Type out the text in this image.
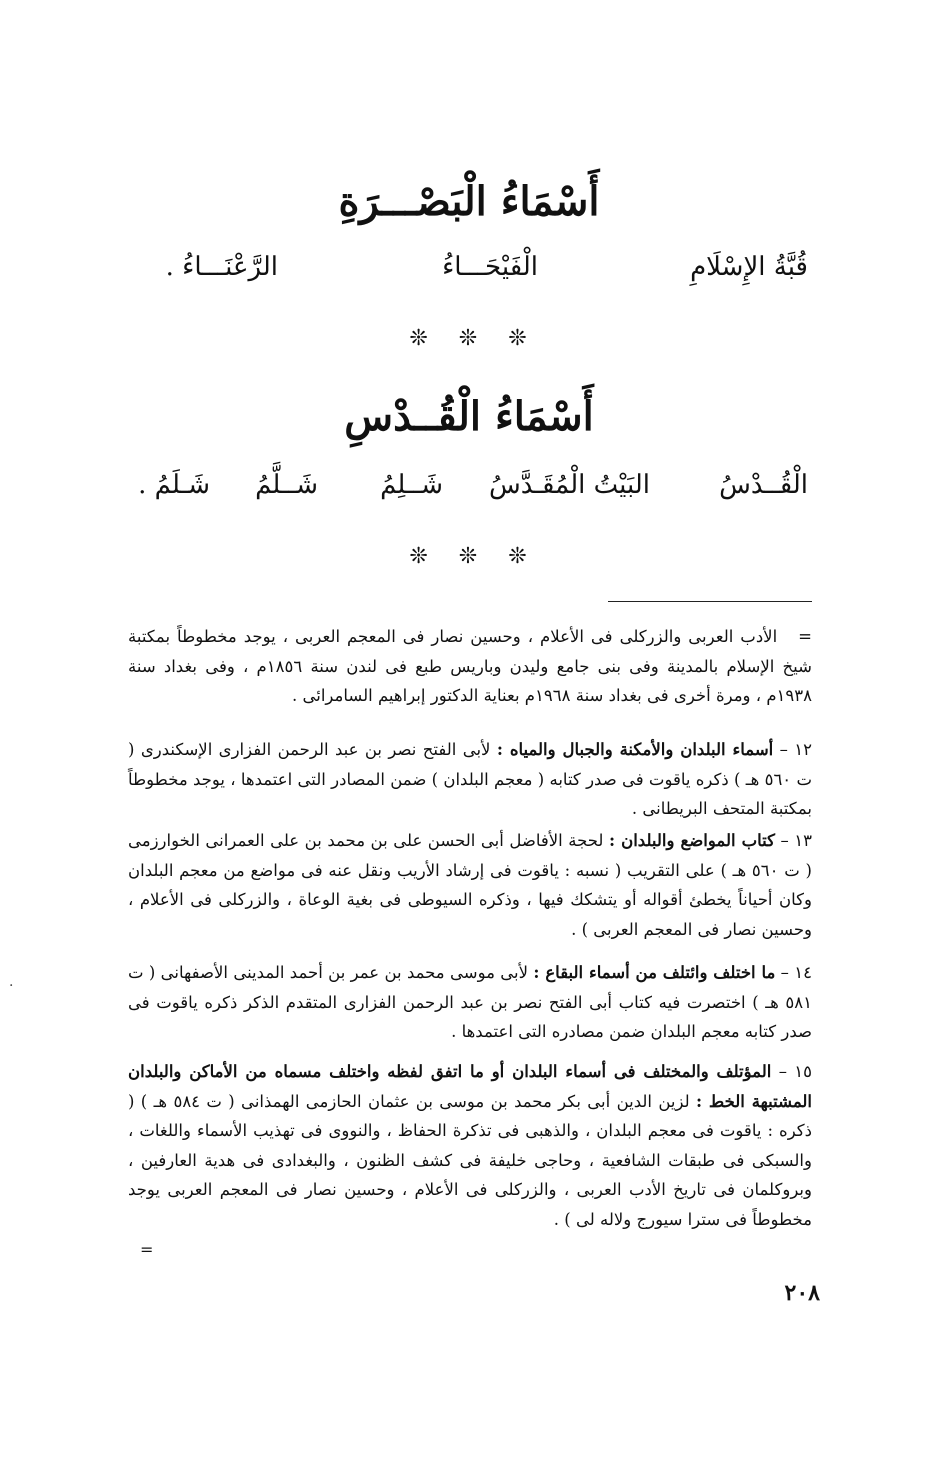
أَسْمَاءُ الْبَصْـــرَةِ
قُبَّةُ الإِسْلَامِ
الْفَيْحَـــاءُ
الرَّعْنَـــاءُ .
❊ ❊ ❊
أَسْمَاءُ الْقُــدْسِ
الْقُــدْسُ
البَيْتُ الْمُقَـدَّسُ
شَــلِمُ
شَــلَّمُ
شَـلَمُ .
❊ ❊ ❊

=   الأدب العربى والزركلى فى الأعلام ، وحسين نصار فى المعجم العربى ، يوجد مخطوطاً بمكتبة شيخ الإسلام بالمدينة وفى بنى جامع وليدن وباريس طبع فى لندن سنة ١٨٥٦م ، وفى بغداد سنة ١٩٣٨م ، ومرة أخرى فى بغداد سنة ١٩٦٨م بعناية الدكتور إبراهيم السامرائى .

١٢ – أسماء البلدان والأمكنة والجبال والمياه : لأبى الفتح نصر بن عبد الرحمن الفزارى الإسكندرى ( ت ٥٦٠ هـ ) ذكره ياقوت فى صدر كتابه ( معجم البلدان ) ضمن المصادر التى اعتمدها ، يوجد مخطوطاً بمكتبة المتحف البريطانى .

١٣ – كتاب المواضع والبلدان : لحجة الأفاضل أبى الحسن على بن محمد بن على العمرانى الخوارزمى ( ت ٥٦٠ هـ ) على التقريب ( نسبه : ياقوت فى إرشاد الأريب ونقل عنه فى مواضع من معجم البلدان وكان أحياناً يخطئ أقواله أو يتشكك فيها ، وذكره السيوطى فى بغية الوعاة ، والزركلى فى الأعلام ، وحسين نصار فى المعجم العربى ) .

١٤ – ما اختلف وائتلف من أسماء البقاع : لأبى موسى محمد بن عمر بن أحمد المدينى الأصفهانى ( ت ٥٨١ هـ ) اختصرت فيه كتاب أبى الفتح نصر بن عبد الرحمن الفزارى المتقدم الذكر ذكره ياقوت فى صدر كتابه معجم البلدان ضمن مصادره التى اعتمدها .

١٥ – المؤتلف والمختلف فى أسماء البلدان أو ما اتفق لفظه واختلف مسماه من الأماكن والبلدان المشتبهة الخط : لزين الدين أبى بكر محمد بن موسى بن عثمان الحازمى الهمذانى ( ت ٥٨٤ هـ ) ( ذكره : ياقوت فى معجم البلدان ، والذهبى فى تذكرة الحفاظ ، والنووى فى تهذيب الأسماء واللغات ، والسبكى فى طبقات الشافعية ، وحاجى خليفة فى كشف الظنون ، والبغدادى فى هدية العارفين ، وبروكلمان فى تاريخ الأدب العربى ، والزركلى فى الأعلام ، وحسين نصار فى المعجم العربى يوجد مخطوطاً فى سترا سيورج ولاله لى ) .

=
٢٠٨
·
